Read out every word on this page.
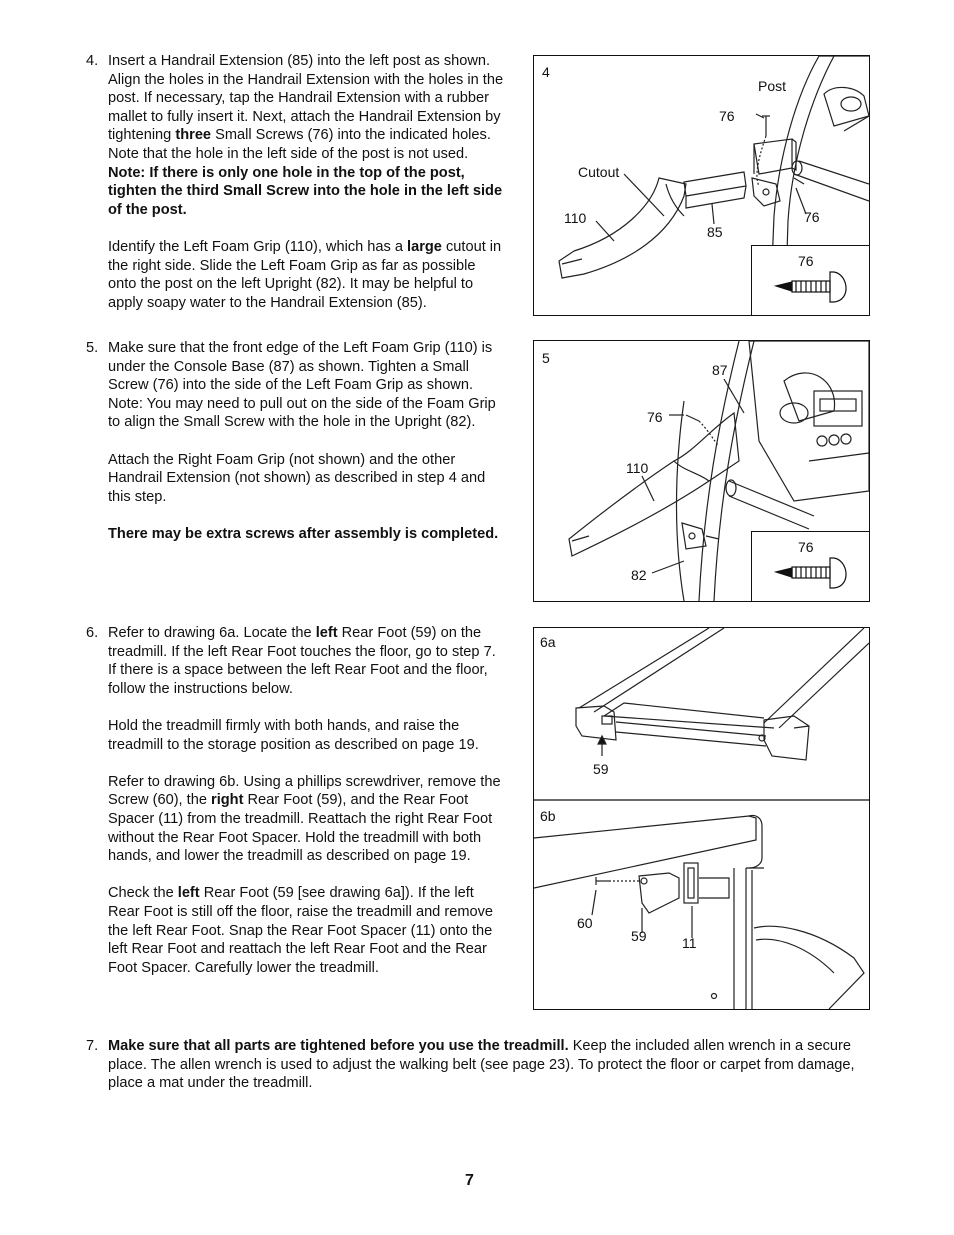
4. Insert a Handrail Extension (85) into the left post as shown. Align the holes in the Handrail Extension with the holes in the post. If necessary, tap the Handrail Extension with a rubber mallet to fully insert it. Next, attach the Handrail Extension by tightening three Small Screws (76) into the indicated holes. Note that the hole in the left side of the post is not used. Note: If there is only one hole in the top of the post, tighten the third Small Screw into the hole in the left side of the post.

Identify the Left Foam Grip (110), which has a large cutout in the right side. Slide the Left Foam Grip as far as possible onto the post on the left Upright (82). It may be helpful to apply soapy water to the Handrail Extension (85).

5. Make sure that the front edge of the Left Foam Grip (110) is under the Console Base (87) as shown. Tighten a Small Screw (76) into the side of the Left Foam Grip as shown. Note: You may need to pull out on the side of the Foam Grip to align the Small Screw with the hole in the Upright (82).

Attach the Right Foam Grip (not shown) and the other Handrail Extension (not shown) as described in step 4 and this step.

There may be extra screws after assembly is completed.

6. Refer to drawing 6a. Locate the left Rear Foot (59) on the treadmill. If the left Rear Foot touches the floor, go to step 7. If there is a space between the left Rear Foot and the floor, follow the instructions below.

Hold the treadmill firmly with both hands, and raise the treadmill to the storage position as described on page 19.

Refer to drawing 6b. Using a phillips screwdriver, remove the Screw (60), the right Rear Foot (59), and the Rear Foot Spacer (11) from the treadmill. Reattach the right Rear Foot without the Rear Foot Spacer. Hold the treadmill with both hands, and lower the treadmill as described on page 19.

Check the left Rear Foot (59 [see drawing 6a]). If the left Rear Foot is still off the floor, raise the treadmill and remove the left Rear Foot. Snap the Rear Foot Spacer (11) onto the left Rear Foot and reattach the left Rear Foot and the Rear Foot Spacer. Carefully lower the treadmill.

7. Make sure that all parts are tightened before you use the treadmill. Keep the included allen wrench in a secure place. The allen wrench is used to adjust the walking belt (see page 23). To protect the floor or carpet from damage, place a mat under the treadmill.

4
Post
76
Cutout
110
85
76
76
5
87
76
110
82
76
6a
59
6b
60
59	11
7
